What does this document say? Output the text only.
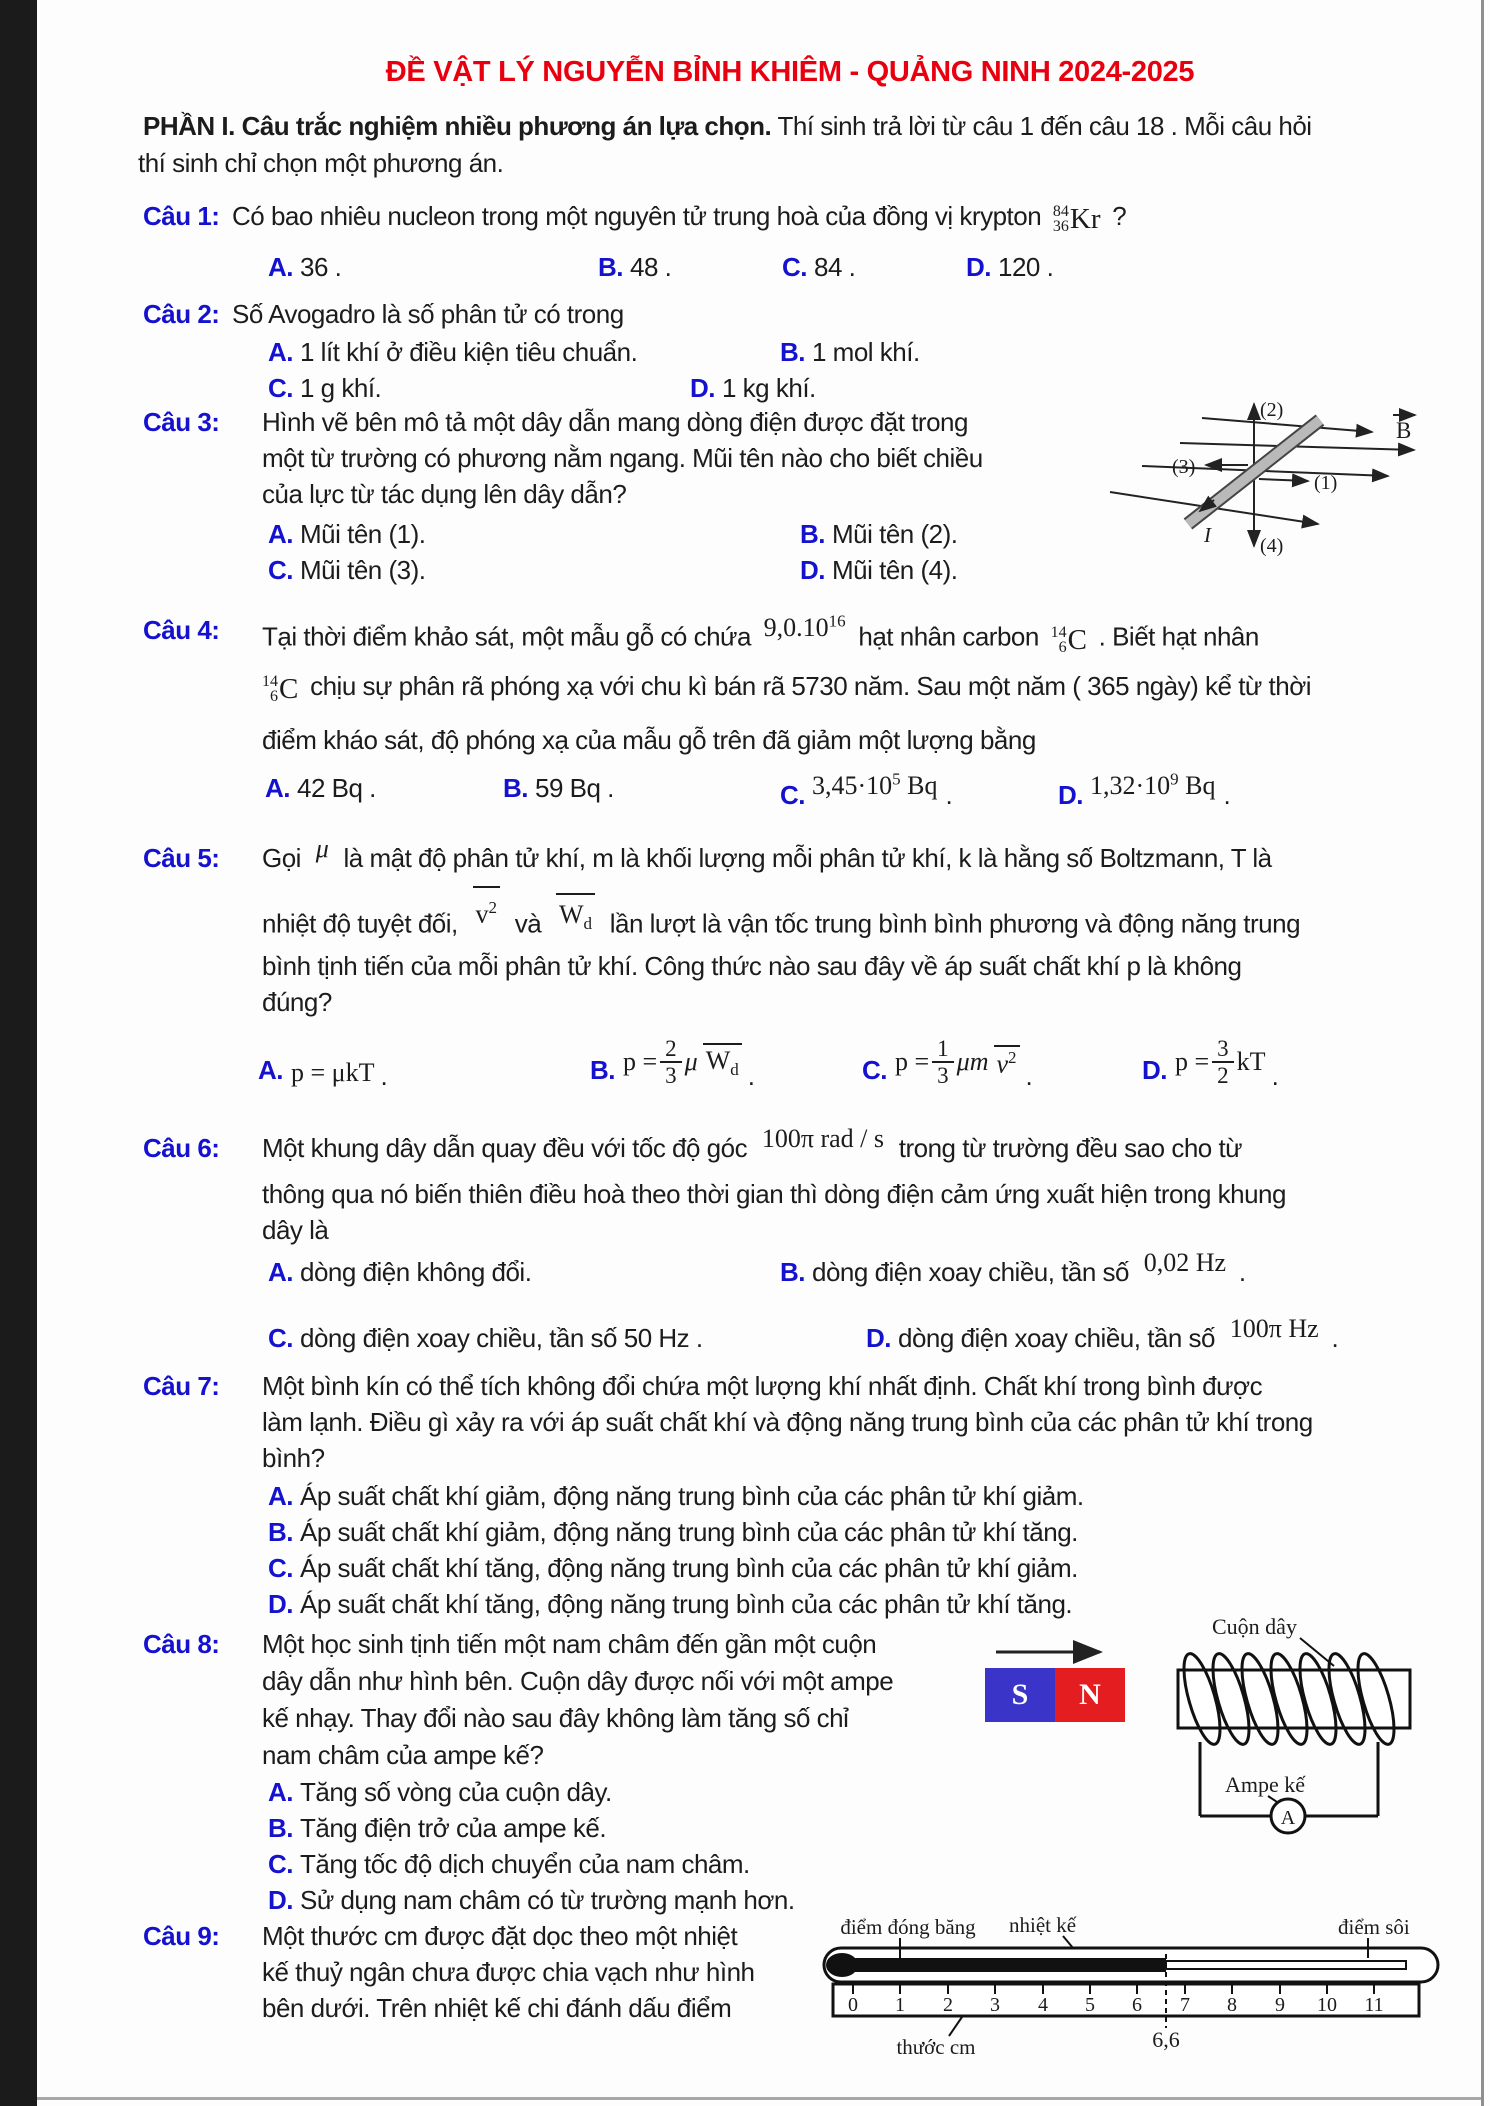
ĐỀ VẬT LÝ NGUYỄN BỈNH KHIÊM - QUẢNG NINH 2024-2025
PHẦN I. Câu trắc nghiệm nhiều phương án lựa chọn. Thí sinh trả lời từ câu 1 đến câu 18 . Mỗi câu hỏi
thí sinh chỉ chọn một phương án.
Câu 1: Có bao nhiêu nucleon trong một nguyên tử trung hoà của đồng vị krypton 84
36 Kr ?
A. 36 .	B. 48 .	C. 84 .	D. 120 .
Câu 2: Số Avogadro là số phân tử có trong
A. 1 lít khí ở điều kiện tiêu chuẩn.	B. 1 mol khí.
C. 1 g khí.	D. 1 kg khí.
Câu 3: Hình vẽ bên mô tả một dây dẫn mang dòng điện được đặt trong
một từ trường có phương nằm ngang. Mũi tên nào cho biết chiều
của lực từ tác dụng lên dây dẫn?
A. Mũi tên (1).	B. Mũi tên (2).
C. Mũi tên (3).	D. Mũi tên (4).
(2)
(4)
(3)
(1)
B
I
Câu 4: Tại thời điểm khảo sát, một mẫu gỗ có chứa 9,0.10$^{16}$ hạt nhân carbon 14
6 C . Biết hạt nhân
14
6 C chịu sự phân rã phóng xạ với chu kì bán rã 5730 năm. Sau một năm ( 365 ngày) kể từ thời
điểm kháo sát, độ phóng xạ của mẫu gỗ trên đã giảm một lượng bằng
A. 42 Bq .	B. 59 Bq .	C. $3,45\cdot 10^5$ Bq .	D. $1,32\cdot 10^9$ Bq .
Câu 5: Gọi μ là mật độ phân tử khí, m là khối lượng mỗi phân tử khí, k là hằng số Boltzmann, T là
nhiệt độ tuyệt đối, $v^2$ và $W_d$ lần lượt là vận tốc trung bình bình phương và động năng trung
bình tịnh tiến của mỗi phân tử khí. Công thức nào sau đây về áp suất chất khí p là không
đúng?
A. p = μkT .	B. $p = \frac{2}{3}$ μ $W_d$ .	C. $p = \frac{1}{3}$ μm $v^2$
.	D. $p = \frac{3}{2}$ kT .
Câu 6: Một khung dây dẫn quay đều với tốc độ góc 100π rad / s trong từ trường đều sao cho từ
thông qua nó biến thiên điều hoà theo thời gian thì dòng điện cảm ứng xuất hiện trong khung
dây là
A. dòng điện không đổi.	B. dòng điện xoay chiều, tần số 0,02 Hz .
C. dòng điện xoay chiều, tần số 50 Hz .	D. dòng điện xoay chiều, tần số 100π Hz .
Câu 7: Một bình kín có thể tích không đổi chứa một lượng khí nhất định. Chất khí trong bình được
làm lạnh. Điều gì xảy ra với áp suất chất khí và động năng trung bình của các phân tử khí trong
bình?
A. Áp suất chất khí giảm, động năng trung bình của các phân tử khí giảm.
B. Áp suất chất khí giảm, động năng trung bình của các phân tử khí tăng.
C. Áp suất chất khí tăng, động năng trung bình của các phân tử khí giảm.
D. Áp suất chất khí tăng, động năng trung bình của các phân tử khí tăng.
Câu 8: Một học sinh tịnh tiến một nam châm đến gần một cuộn
dây dẫn như hình bên. Cuộn dây được nối với một ampe
kế nhạy. Thay đổi nào sau đây không làm tăng số chỉ
nam châm của ampe kế?
A. Tăng số vòng của cuộn dây.
B. Tăng điện trở của ampe kế.
C. Tăng tốc độ dịch chuyển của nam châm.
D. Sử dụng nam châm có từ trường mạnh hơn.
S	N
Cuộn dây
Ampe kế
A
Câu 9: Một thước cm được đặt dọc theo một nhiệt
kế thuỷ ngân chưa được chia vạch như hình
bên dưới. Trên nhiệt kế chi đánh dấu điểm
điểm đóng băng nhiệt kế	điểm sôi
0 1 2 3 4 5 6 7 8 9 10 11
6,6
thước cm
